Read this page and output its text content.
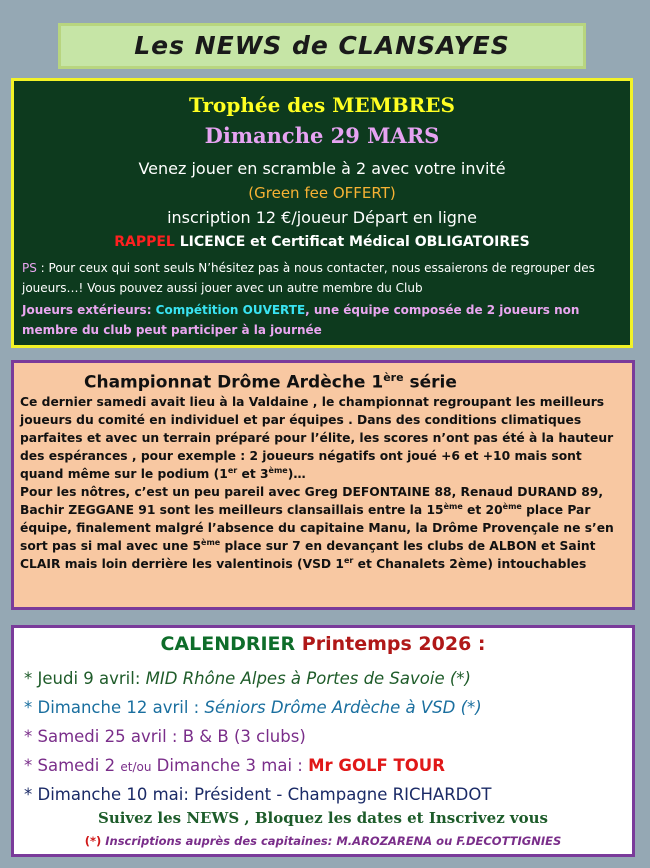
Les NEWS de CLANSAYES
Trophée des MEMBRES
Dimanche 29 MARS
Venez jouer en scramble à 2 avec votre invité
(Green fee OFFERT)
inscription 12 €/joueur Départ en ligne
RAPPEL LICENCE et Certificat Médical OBLIGATOIRES
PS : Pour ceux qui sont seuls N’hésitez pas à nous contacter, nous essaierons de regrouper des joueurs…! Vous pouvez aussi jouer avec un autre membre du Club
Joueurs extérieurs: Compétition OUVERTE, une équipe composée de 2 joueurs non membre du club peut participer à la journée
Championnat Drôme Ardèche 1ère série
Ce dernier samedi avait lieu à la Valdaine , le championnat regroupant les meilleurs joueurs du comité en individuel et par équipes . Dans des conditions climatiques parfaites et avec un terrain préparé pour l’élite, les scores n’ont pas été à la hauteur des espérances , pour exemple : 2 joueurs négatifs ont joué +6 et +10 mais sont quand même sur le podium (1er et 3ème)…
Pour les nôtres, c’est un peu pareil avec Greg DEFONTAINE 88, Renaud DURAND 89, Bachir ZEGGANE 91 sont les meilleurs clansaillais entre la 15ème et 20ème place Par équipe, finalement malgré l’absence du capitaine Manu, la Drôme Provençale ne s’en sort pas si mal avec une 5ème place sur 7 en devançant les clubs de ALBON et Saint CLAIR mais loin derrière les valentinois (VSD 1er et Chanalets 2ème) intouchables
CALENDRIER Printemps 2026 :
* Jeudi 9 avril: MID Rhône Alpes à Portes de Savoie (*)
* Dimanche 12 avril : Séniors Drôme Ardèche à VSD (*)
* Samedi 25 avril : B & B (3 clubs)
* Samedi 2 et/ou Dimanche 3 mai : Mr GOLF TOUR
* Dimanche 10 mai: Président - Champagne RICHARDOT
Suivez les NEWS , Bloquez les dates et Inscrivez vous
(*) Inscriptions auprès des capitaines: M.AROZARENA ou F.DECOTTIGNIES
